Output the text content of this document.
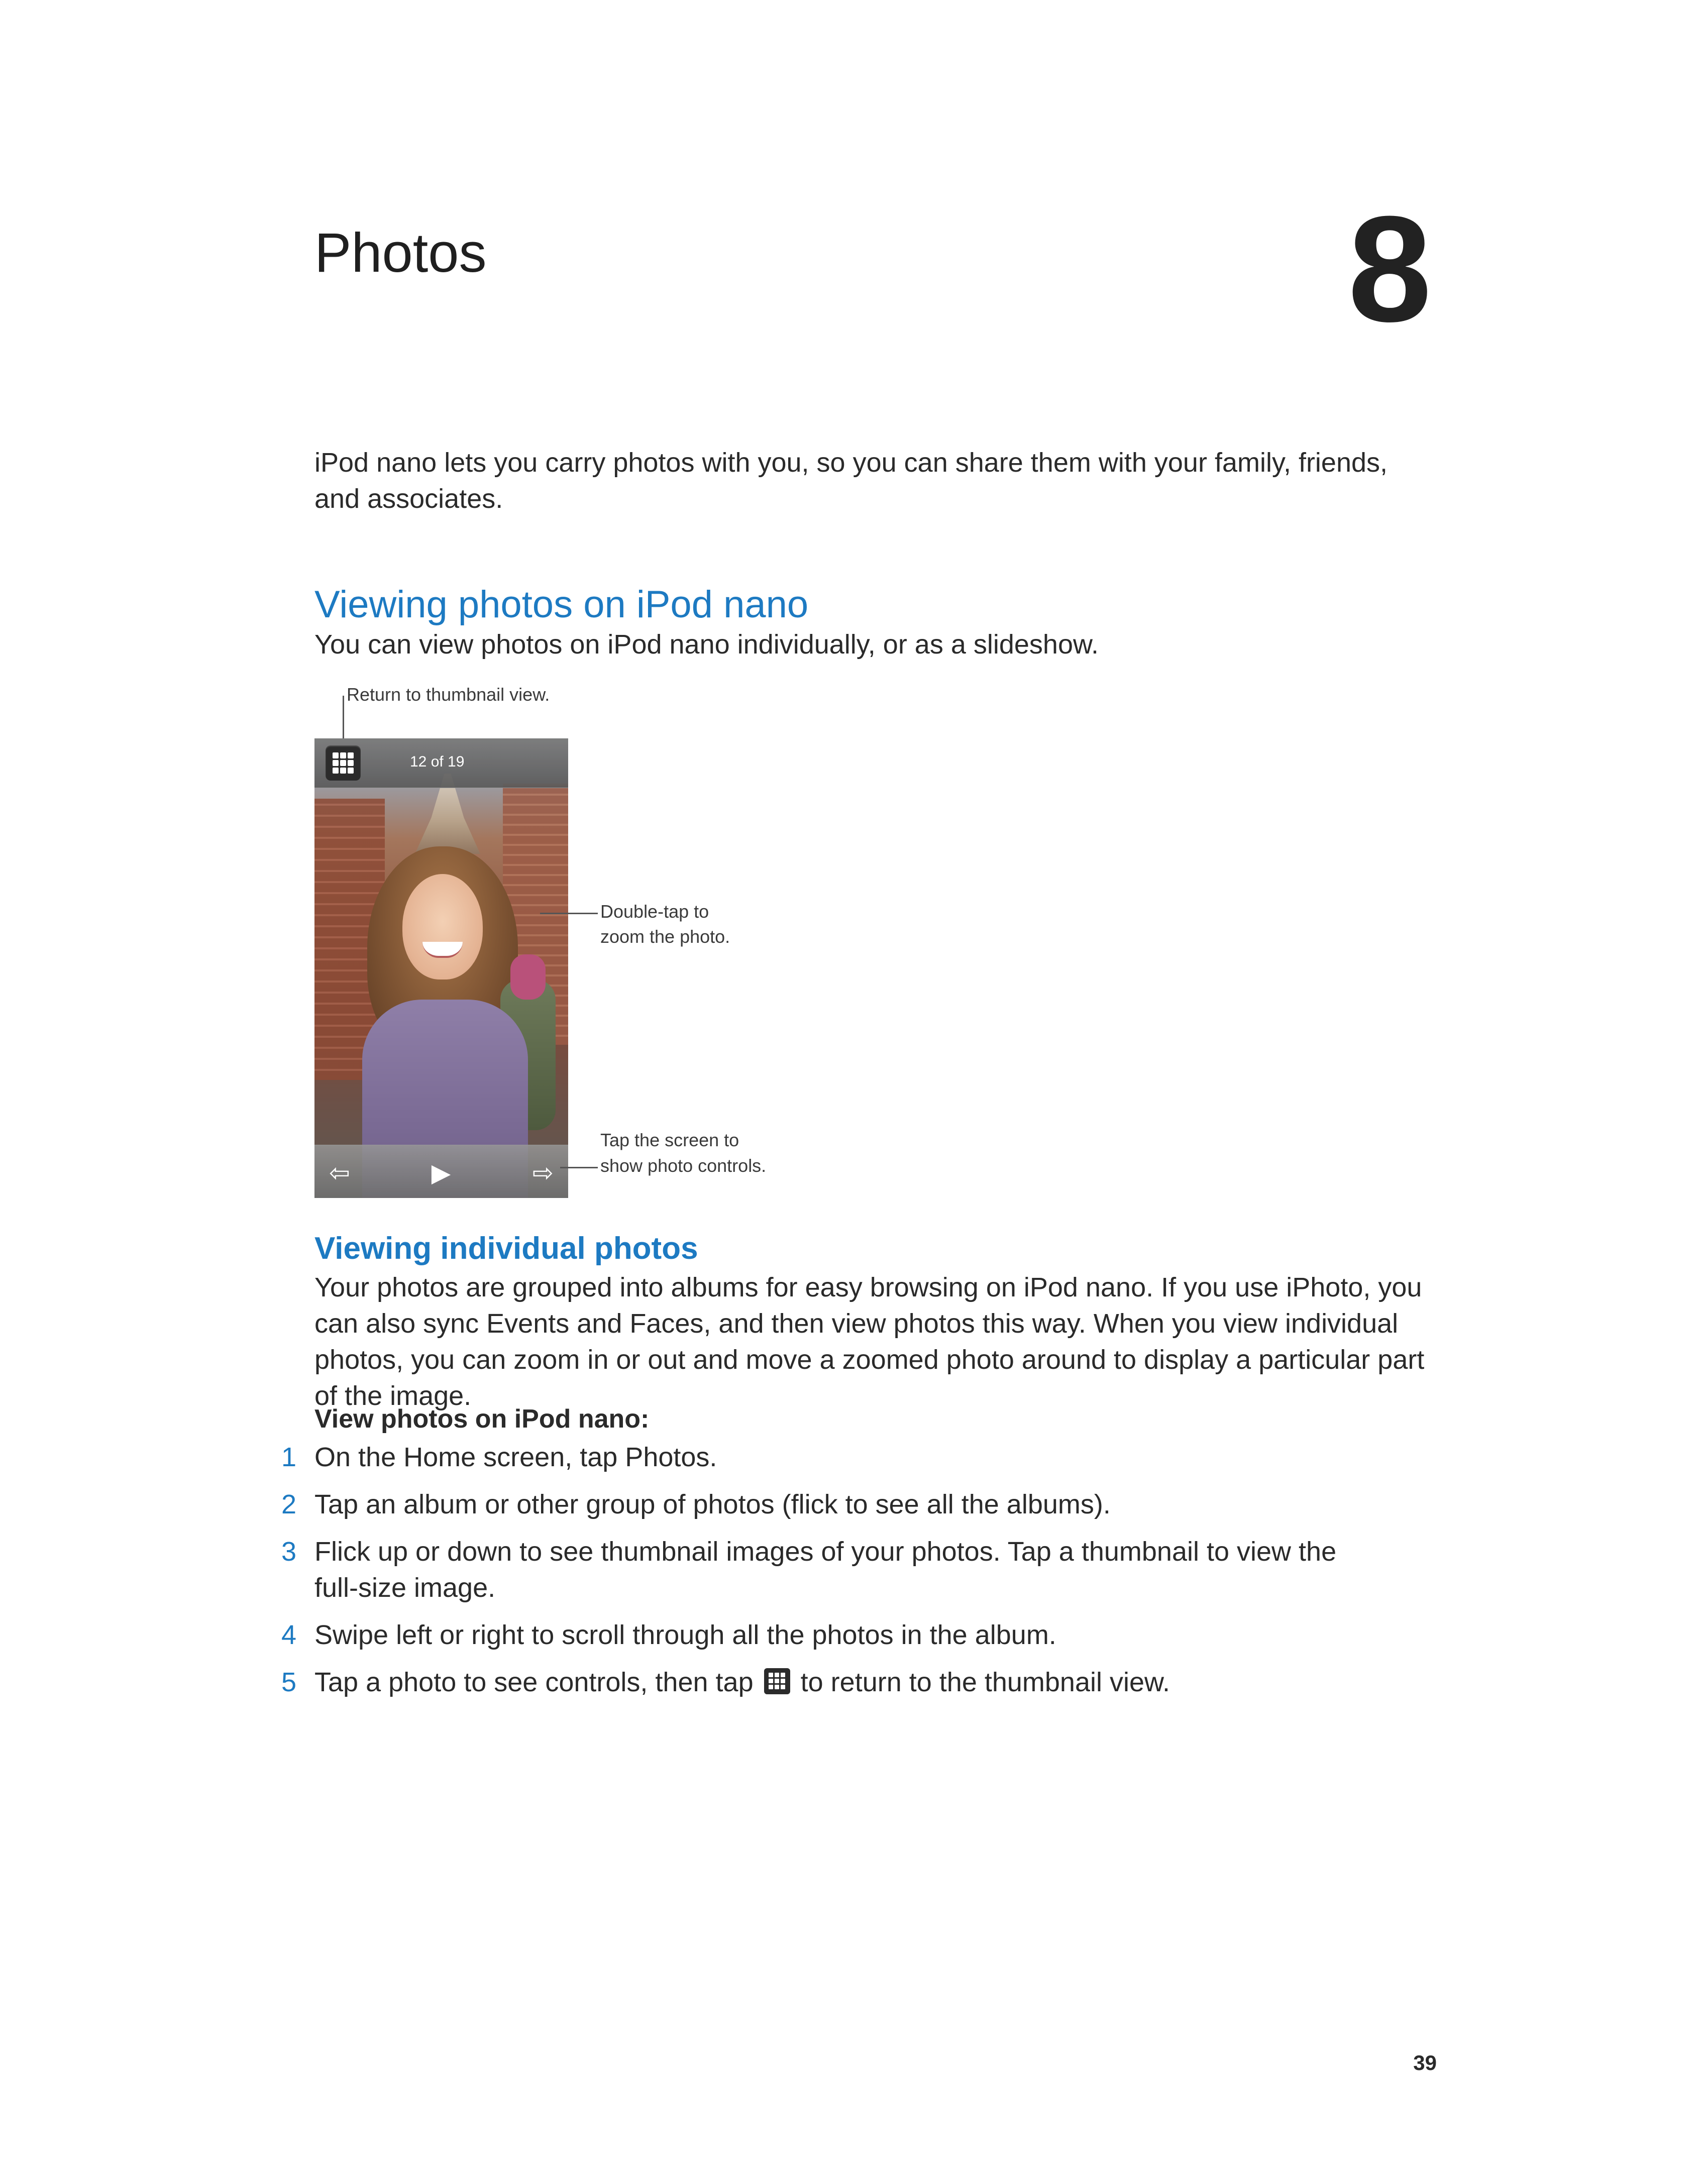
Photos	8
iPod nano lets you carry photos with you, so you can share them with your family, friends, and associates.
Viewing photos on iPod nano
You can view photos on iPod nano individually, or as a slideshow.
Return to thumbnail view.
12 of 19
⇦	▶	⇨
Double-tap to
zoom the photo.
Tap the screen to
show photo controls.
Viewing individual photos
Your photos are grouped into albums for easy browsing on iPod nano. If you use iPhoto, you can also sync Events and Faces, and then view photos this way. When you view individual photos, you can zoom in or out and move a zoomed photo around to display a particular part of the image.
View photos on iPod nano:
1 On the Home screen, tap Photos.
2 Tap an album or other group of photos (flick to see all the albums).
3 Flick up or down to see thumbnail images of your photos. Tap a thumbnail to view the full-size image.
4 Swipe left or right to scroll through all the photos in the album.
5 Tap a photo to see controls, then tap to return to the thumbnail view.
39
